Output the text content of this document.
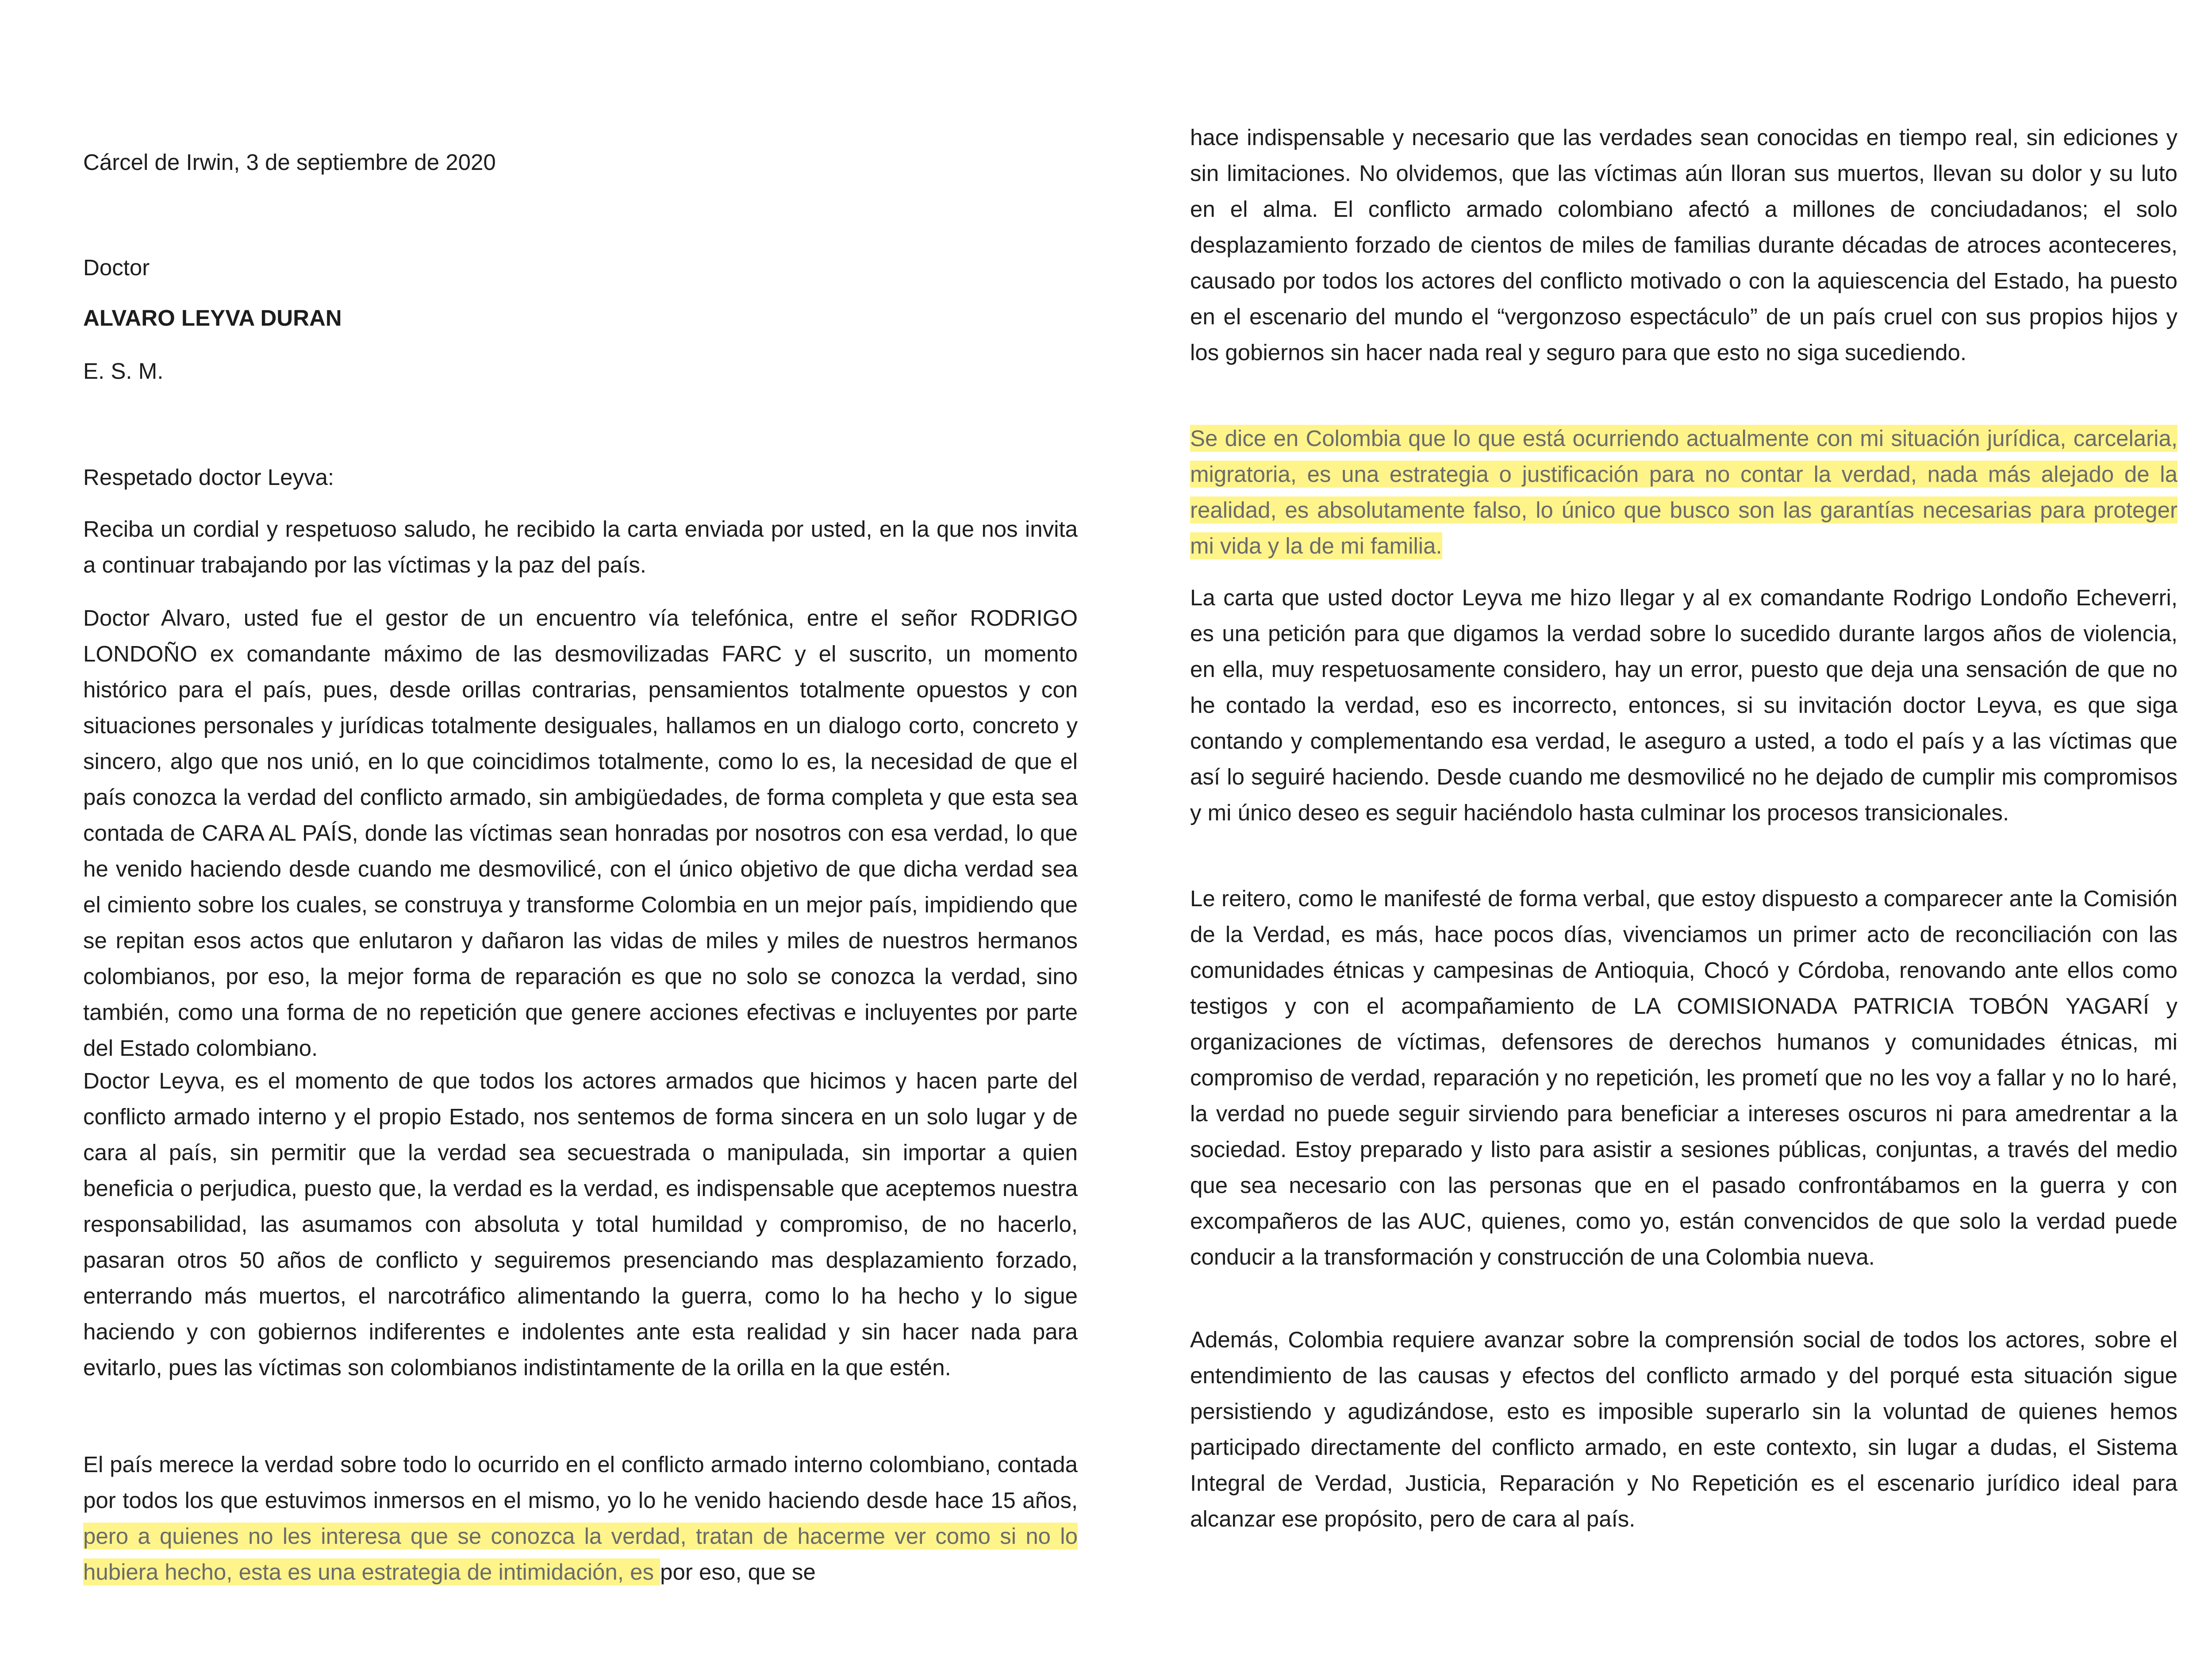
Cárcel de Irwin, 3 de septiembre de 2020

Doctor

ALVARO LEYVA DURAN

E. S. M.

Respetado doctor Leyva:

Reciba un cordial y respetuoso saludo, he recibido la carta enviada por usted, en la que nos invita a continuar trabajando por las víctimas y la paz del país.

Doctor Alvaro, usted fue el gestor de un encuentro vía telefónica, entre el señor RODRIGO LONDOÑO ex comandante máximo de las desmovilizadas FARC y el suscrito, un momento histórico para el país, pues, desde orillas contrarias, pensamientos totalmente opuestos y con situaciones personales y jurídicas totalmente desiguales, hallamos en un dialogo corto, concreto y sincero, algo que nos unió, en lo que coincidimos totalmente, como lo es, la necesidad de que el país conozca la verdad del conflicto armado, sin ambigüedades, de forma completa y que esta sea contada de CARA AL PAÍS, donde las víctimas sean honradas por nosotros con esa verdad, lo que he venido haciendo desde cuando me desmovilicé, con el único objetivo de que dicha verdad sea el cimiento sobre los cuales, se construya y transforme Colombia en un mejor país, impidiendo que se repitan esos actos que enlutaron y dañaron las vidas de miles y miles de nuestros hermanos colombianos, por eso, la mejor forma de reparación es que no solo se conozca la verdad, sino también, como una forma de no repetición que genere acciones efectivas e incluyentes por parte del Estado colombiano.

Doctor Leyva, es el momento de que todos los actores armados que hicimos y hacen parte del conflicto armado interno y el propio Estado, nos sentemos de forma sincera en un solo lugar y de cara al país, sin permitir que la verdad sea secuestrada o manipulada, sin importar a quien beneficia o perjudica, puesto que, la verdad es la verdad, es indispensable que aceptemos nuestra responsabilidad, las asumamos con absoluta y total humildad y compromiso, de no hacerlo, pasaran otros 50 años de conflicto y seguiremos presenciando mas desplazamiento forzado, enterrando más muertos, el narcotráfico alimentando la guerra, como lo ha hecho y lo sigue haciendo y con gobiernos indiferentes e indolentes ante esta realidad y sin hacer nada para evitarlo, pues las víctimas son colombianos indistintamente de la orilla en la que estén.

El país merece la verdad sobre todo lo ocurrido en el conflicto armado interno colombiano, contada por todos los que estuvimos inmersos en el mismo, yo lo he venido haciendo desde hace 15 años, pero a quienes no les interesa que se conozca la verdad, tratan de hacerme ver como si no lo hubiera hecho, esta es una estrategia de intimidación, es por eso, que se

hace indispensable y necesario que las verdades sean conocidas en tiempo real, sin ediciones y sin limitaciones. No olvidemos, que las víctimas aún lloran sus muertos, llevan su dolor y su luto en el alma. El conflicto armado colombiano afectó a millones de conciudadanos; el solo desplazamiento forzado de cientos de miles de familias durante décadas de atroces aconteceres, causado por todos los actores del conflicto motivado o con la aquiescencia del Estado, ha puesto en el escenario del mundo el “vergonzoso espectáculo” de un país cruel con sus propios hijos y los gobiernos sin hacer nada real y seguro para que esto no siga sucediendo.

Se dice en Colombia que lo que está ocurriendo actualmente con mi situación jurídica, carcelaria, migratoria, es una estrategia o justificación para no contar la verdad, nada más alejado de la realidad, es absolutamente falso, lo único que busco son las garantías necesarias para proteger mi vida y la de mi familia.

La carta que usted doctor Leyva me hizo llegar y al ex comandante Rodrigo Londoño Echeverri, es una petición para que digamos la verdad sobre lo sucedido durante largos años de violencia, en ella, muy respetuosamente considero, hay un error, puesto que deja una sensación de que no he contado la verdad, eso es incorrecto, entonces, si su invitación doctor Leyva, es que siga contando y complementando esa verdad, le aseguro a usted, a todo el país y a las víctimas que así lo seguiré haciendo. Desde cuando me desmovilicé no he dejado de cumplir mis compromisos y mi único deseo es seguir haciéndolo hasta culminar los procesos transicionales.

Le reitero, como le manifesté de forma verbal, que estoy dispuesto a comparecer ante la Comisión de la Verdad, es más, hace pocos días, vivenciamos un primer acto de reconciliación con las comunidades étnicas y campesinas de Antioquia, Chocó y Córdoba, renovando ante ellos como testigos y con el acompañamiento de LA COMISIONADA PATRICIA TOBÓN YAGARÍ y organizaciones de víctimas, defensores de derechos humanos y comunidades étnicas, mi compromiso de verdad, reparación y no repetición, les prometí que no les voy a fallar y no lo haré, la verdad no puede seguir sirviendo para beneficiar a intereses oscuros ni para amedrentar a la sociedad. Estoy preparado y listo para asistir a sesiones públicas, conjuntas, a través del medio que sea necesario con las personas que en el pasado confrontábamos en la guerra y con excompañeros de las AUC, quienes, como yo, están convencidos de que solo la verdad puede conducir a la transformación y construcción de una Colombia nueva.

Además, Colombia requiere avanzar sobre la comprensión social de todos los actores, sobre el entendimiento de las causas y efectos del conflicto armado y del porqué esta situación sigue persistiendo y agudizándose, esto es imposible superarlo sin la voluntad de quienes hemos participado directamente del conflicto armado, en este contexto, sin lugar a dudas, el Sistema Integral de Verdad, Justicia, Reparación y No Repetición es el escenario jurídico ideal para alcanzar ese propósito, pero de cara al país.
